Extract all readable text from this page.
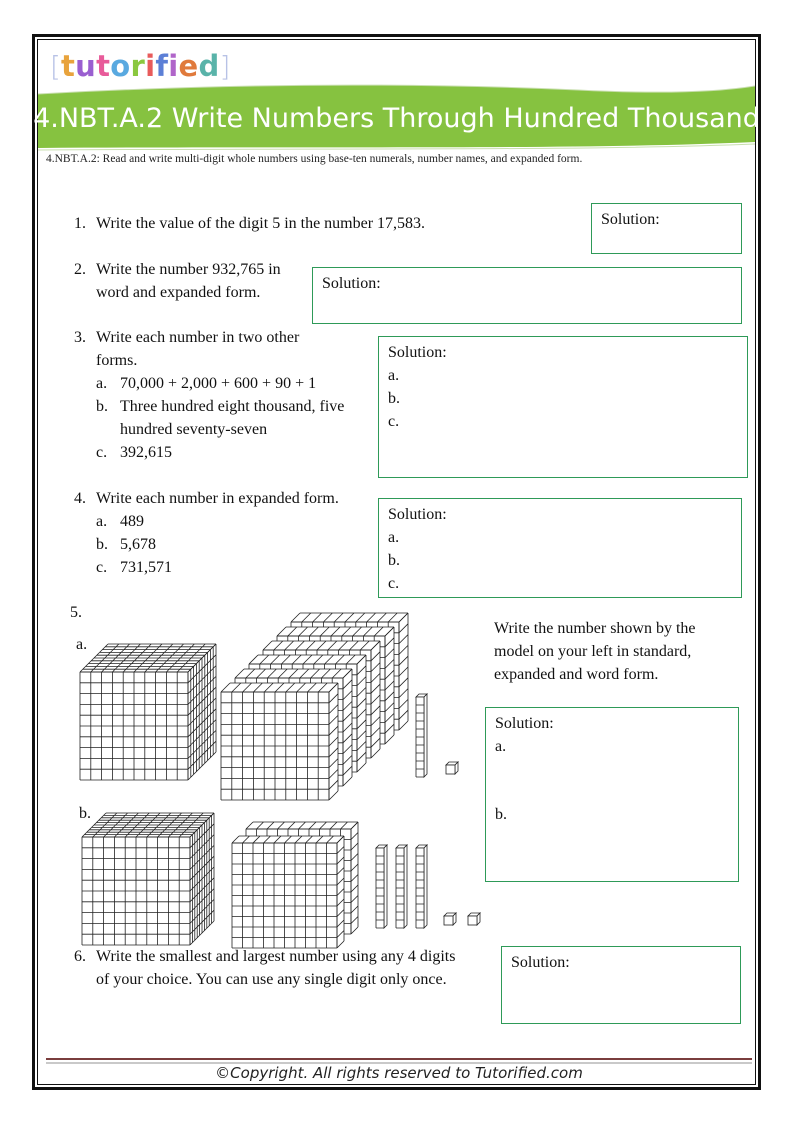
[ tutorified ]
4.NBT.A.2 Write Numbers Through Hundred Thousand
4.NBT.A.2: Read and write multi-digit whole numbers using base-ten numerals, number names, and expanded form.
1. Write the value of the digit 5 in the number 17,583.	Solution:
2. Write the number 932,765 in
word and expanded form.
Solution:
3. Write each number in two other
forms.
a. 70,000 + 2,000 + 600 + 90 + 1
b. Three hundred eight thousand, five
hundred seventy-seven
c. 392,615
Solution:
a.
b.
c.
4. Write each number in expanded form.
a. 489
b. 5,678
c. 731,571
Solution:
a.
b.
c.
5.
a.
b.
Write the number shown by the model on your left in standard, expanded and word form.
Solution:
a.
b.
6. Write the smallest and largest number using any 4 digits
of your choice. You can use any single digit only once.
Solution:
©Copyright. All rights reserved to Tutorified.com
